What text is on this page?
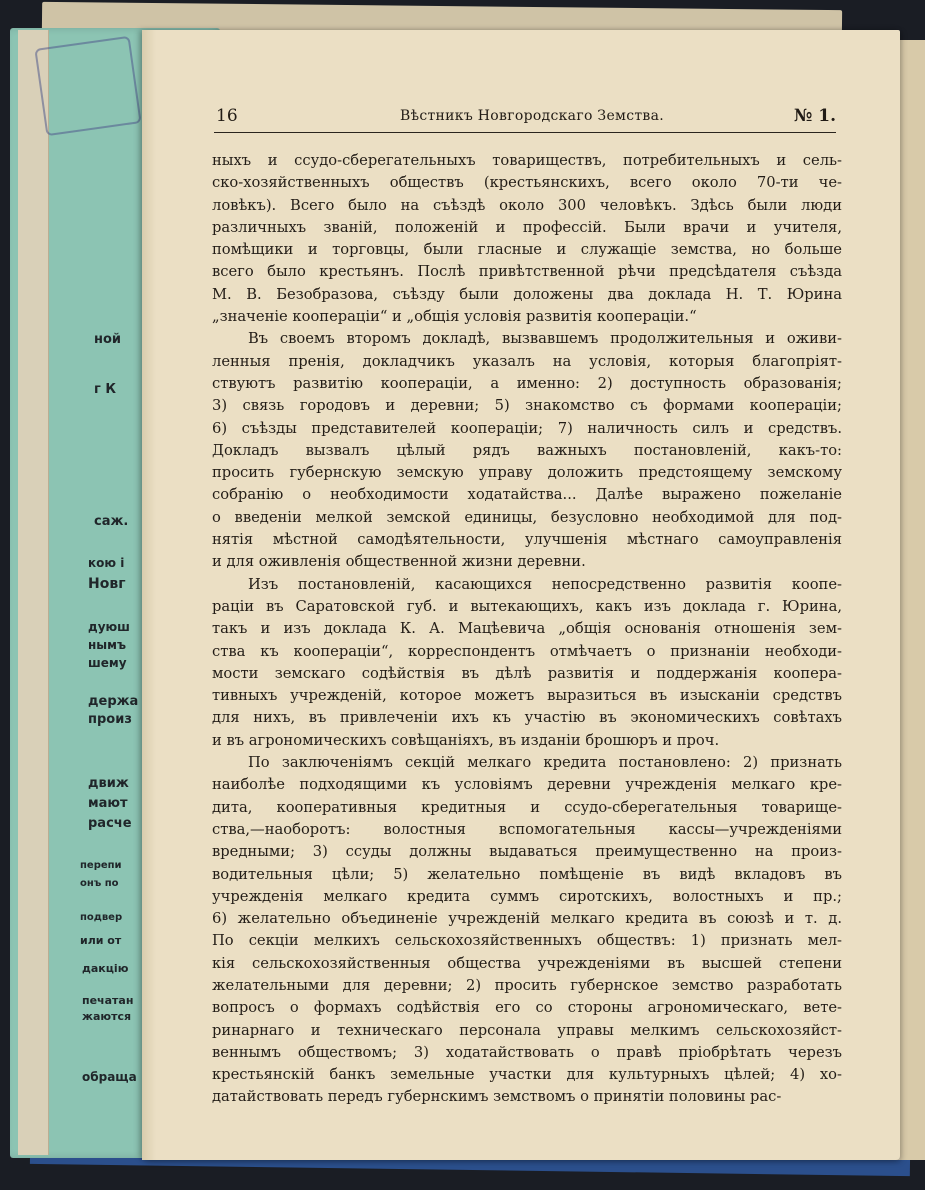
ной
г К
саж.
кою і
Новг
дуюш
нымъ
шему
держа
произ
движ
мают
расче
перепи
онъ по
подвер
или от
дакцію
печатан
жаются
обраща
16	Вѣстникъ Новгородскаго Земства.	№ 1.
ныхъ и ссудо-сберегательныхъ товариществъ, потребительныхъ и сель-
ско-хозяйственныхъ обществъ (крестьянскихъ, всего около 70-ти че-
ловѣкъ). Всего было на съѣздѣ около 300 человѣкъ. Здѣсь были люди
различныхъ званій, положеній и профессій. Были врачи и учителя,
помѣщики и торговцы, были гласные и служащіе земства, но больше
всего было крестьянъ. Послѣ привѣтственной рѣчи предсѣдателя съѣзда
М. В. Безобразова, съѣзду были доложены два доклада Н. Т. Юрина
„значеніе коопераціи“ и „общія условія развитія коопераціи.“
Въ своемъ второмъ докладѣ, вызвавшемъ продолжительныя и оживи-
ленныя пренія, докладчикъ указалъ на условія, которыя благопріят-
ствуютъ развитію коопераціи, а именно: 2) доступность образованія;
3) связь городовъ и деревни; 5) знакомство съ формами коопераціи;
6) съѣзды представителей коопераціи; 7) наличность силъ и средствъ.
Докладъ вызвалъ цѣлый рядъ важныхъ постановленій, какъ-то:
просить губернскую земскую управу доложить предстоящему земскому
собранію о необходимости ходатайства... Далѣе выражено пожеланіе
о введеніи мелкой земской единицы, безусловно необходимой для под-
нятія мѣстной самодѣятельности, улучшенія мѣстнаго самоуправленія
и для оживленія общественной жизни деревни.
Изъ постановленій, касающихся непосредственно развитія коопе-
раціи въ Саратовской губ. и вытекающихъ, какъ изъ доклада г. Юрина,
такъ и изъ доклада К. А. Мацѣевича „общія основанія отношенія зем-
ства къ коопераціи“, корреспондентъ отмѣчаетъ о признаніи необходи-
мости земскаго содѣйствія въ дѣлѣ развитія и поддержанія коопера-
тивныхъ учрежденій, которое можетъ выразиться въ изысканіи средствъ
для нихъ, въ привлеченіи ихъ къ участію въ экономическихъ совѣтахъ
и въ агрономическихъ совѣщаніяхъ, въ изданіи брошюръ и проч.
По заключеніямъ секцій мелкаго кредита постановлено: 2) признать
наиболѣе подходящими къ условіямъ деревни учрежденія мелкаго кре-
дита, кооперативныя кредитныя и ссудо-сберегательныя товарище-
ства,—наоборотъ: волостныя вспомогательныя кассы—учрежденіями
вредными; 3) ссуды должны выдаваться преимущественно на произ-
водительныя цѣли; 5) желательно помѣщеніе въ видѣ вкладовъ въ
учрежденія мелкаго кредита суммъ сиротскихъ, волостныхъ и пр.;
6) желательно объединеніе учрежденій мелкаго кредита въ союзѣ и т. д.
По секціи мелкихъ сельскохозяйственныхъ обществъ: 1) признать мел-
кія сельскохозяйственныя общества учрежденіями въ высшей степени
желательными для деревни; 2) просить губернское земство разработать
вопросъ о формахъ содѣйствія его со стороны агрономическаго, вете-
ринарнаго и техническаго персонала управы мелкимъ сельскохозяйст-
веннымъ обществомъ; 3) ходатайствовать о правѣ пріобрѣтать черезъ
крестьянскій банкъ земельные участки для культурныхъ цѣлей; 4) хо-
датайствовать передъ губернскимъ земствомъ о принятіи половины рас-
